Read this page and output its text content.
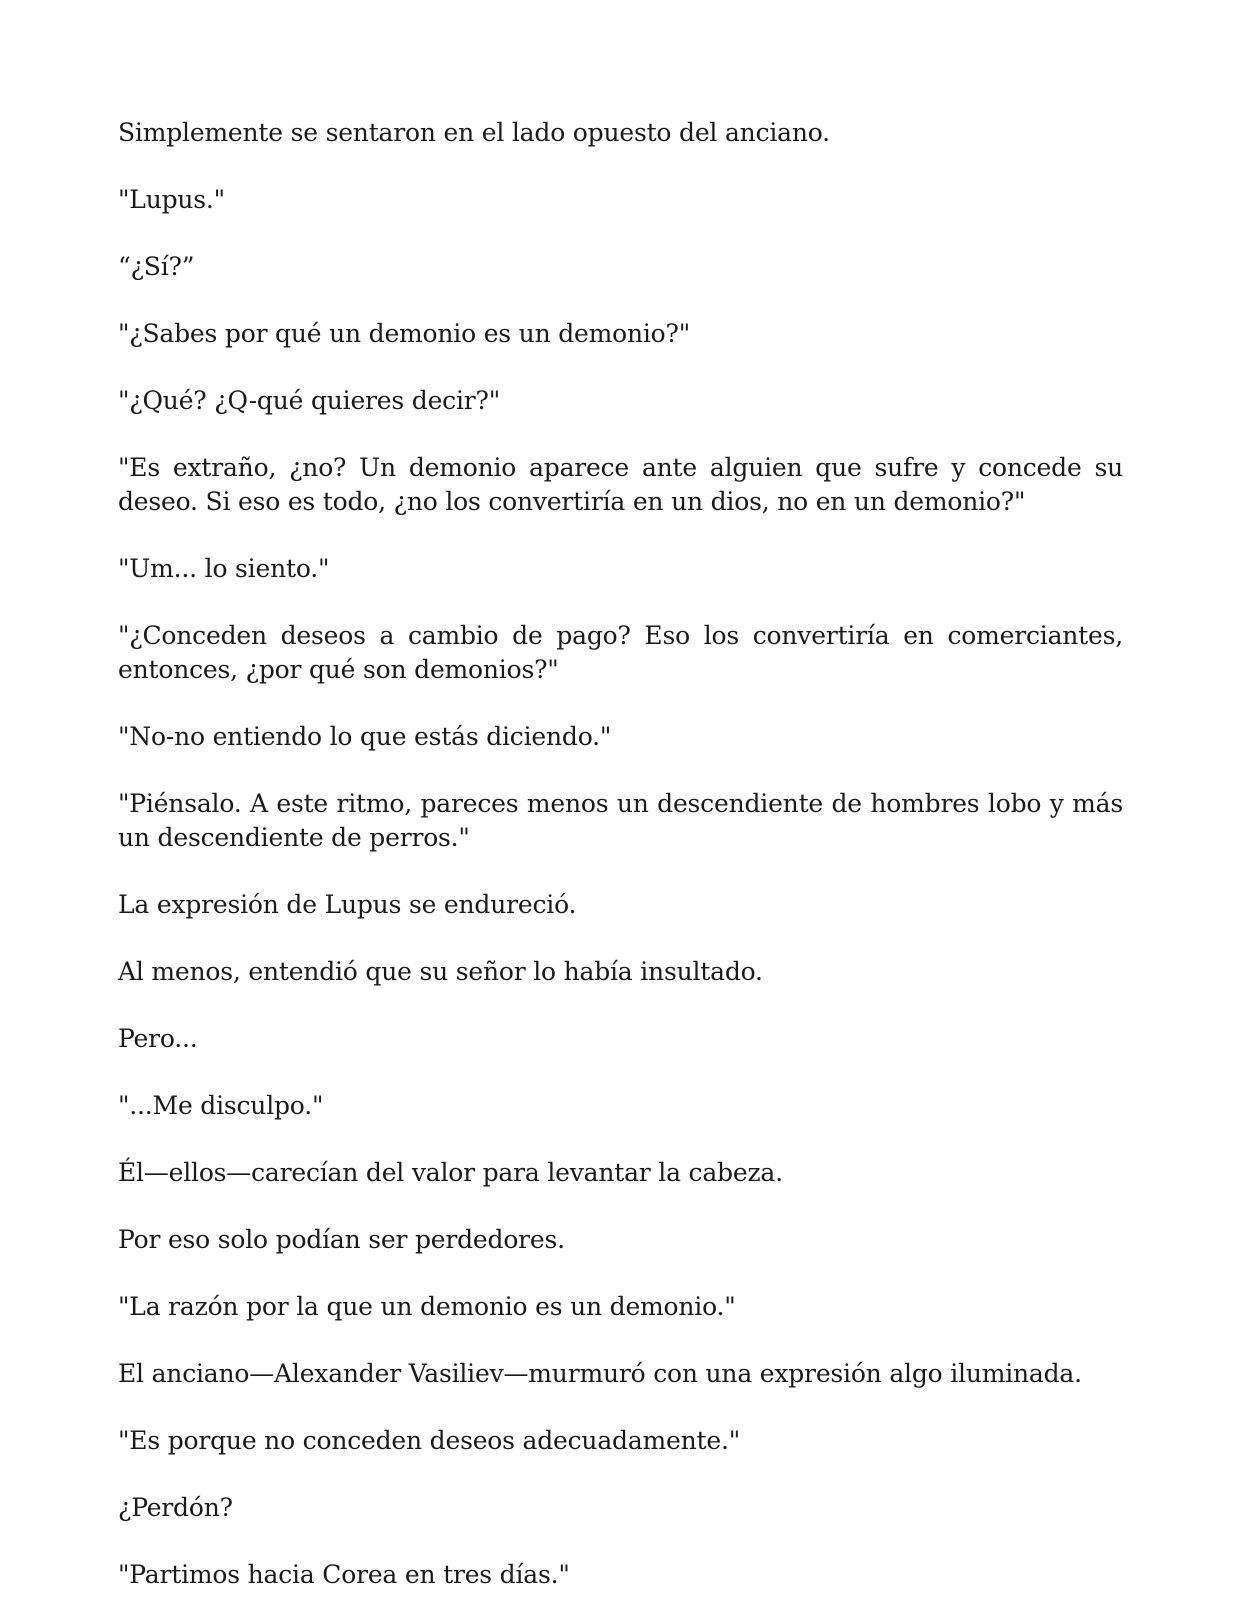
Simplemente se sentaron en el lado opuesto del anciano.

"Lupus."

“¿Sí?”

"¿Sabes por qué un demonio es un demonio?"

"¿Qué? ¿Q-qué quieres decir?"

"Es extraño, ¿no? Un demonio aparece ante alguien que sufre y concede su deseo. Si eso es todo, ¿no los convertiría en un dios, no en un demonio?"

"Um... lo siento."

"¿Conceden deseos a cambio de pago? Eso los convertiría en comerciantes, entonces, ¿por qué son demonios?"

"No-no entiendo lo que estás diciendo."

"Piénsalo. A este ritmo, pareces menos un descendiente de hombres lobo y más un descendiente de perros."

La expresión de Lupus se endureció.

Al menos, entendió que su señor lo había insultado.

Pero...

"...Me disculpo."

Él—ellos—carecían del valor para levantar la cabeza.

Por eso solo podían ser perdedores.

"La razón por la que un demonio es un demonio."

El anciano—Alexander Vasiliev—murmuró con una expresión algo iluminada.

"Es porque no conceden deseos adecuadamente."

¿Perdón?

"Partimos hacia Corea en tres días."
